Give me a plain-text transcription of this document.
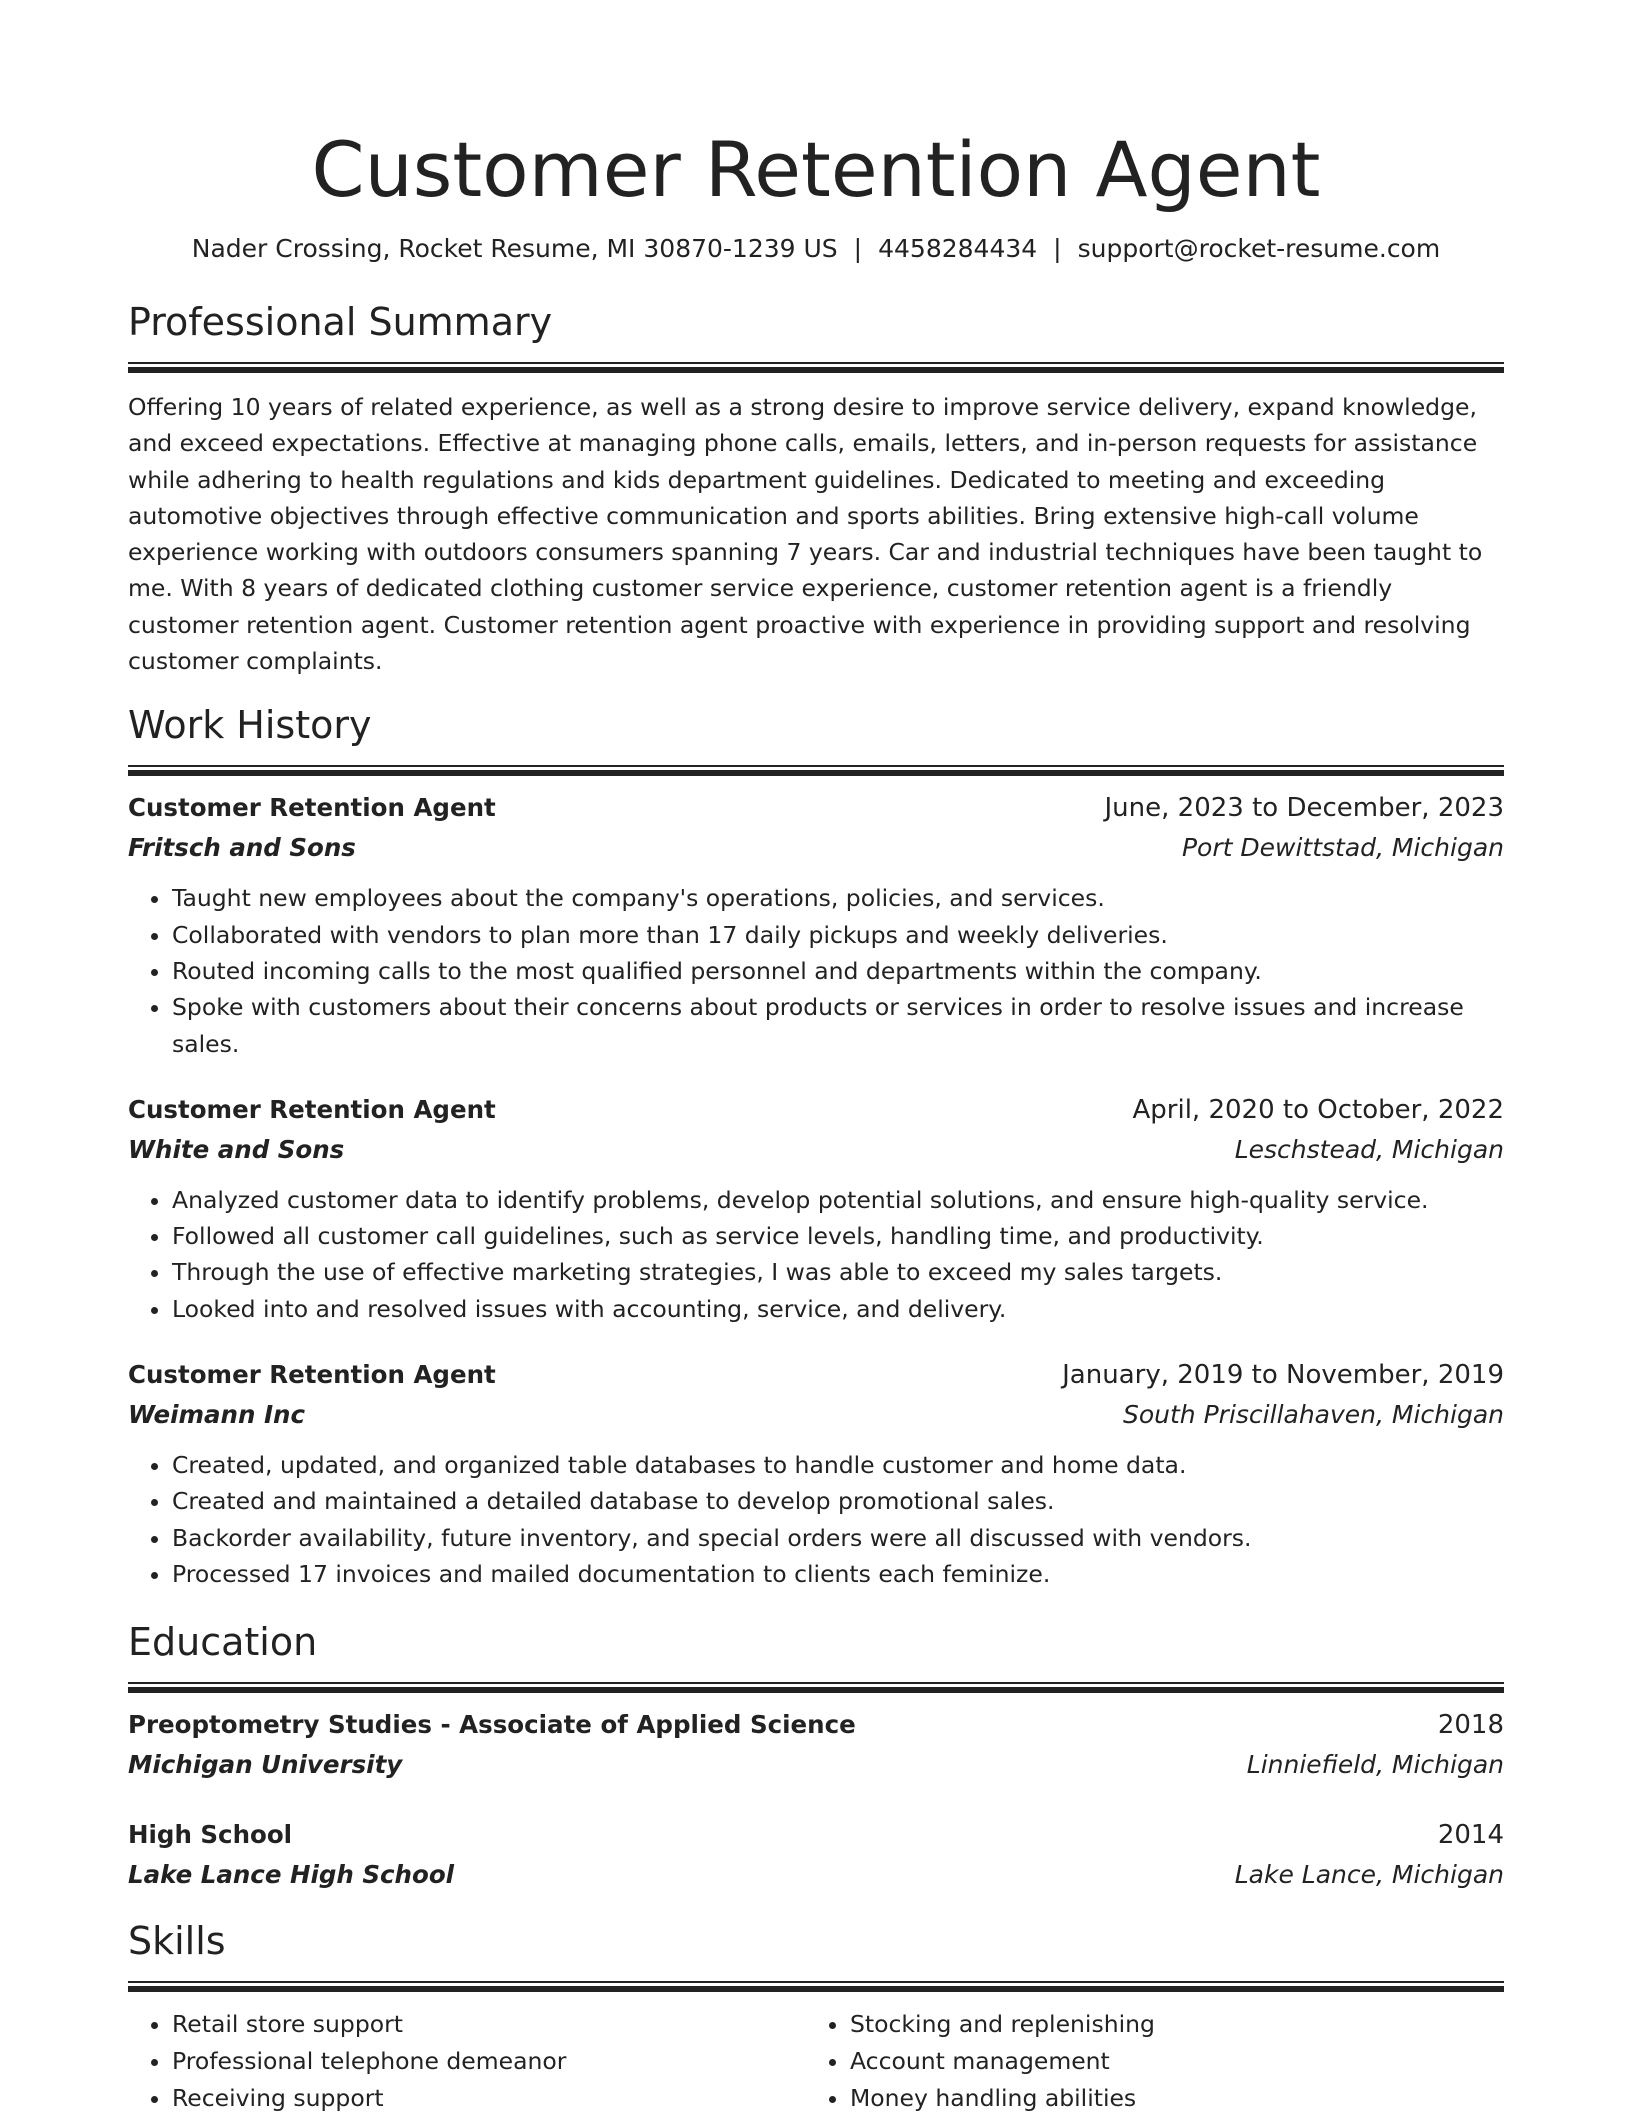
Customer Retention Agent
Nader Crossing, Rocket Resume, MI 30870-1239 US | 4458284434 | support@rocket-resume.com
Professional Summary

Offering 10 years of related experience, as well as a strong desire to improve service delivery, expand knowledge, and exceed expectations. Effective at managing phone calls, emails, letters, and in-person requests for assistance while adhering to health regulations and kids department guidelines. Dedicated to meeting and exceeding automotive objectives through effective communication and sports abilities. Bring extensive high-call volume experience working with outdoors consumers spanning 7 years. Car and industrial techniques have been taught to me. With 8 years of dedicated clothing customer service experience, customer retention agent is a friendly customer retention agent. Customer retention agent proactive with experience in providing support and resolving customer complaints.

Work History
Customer Retention Agent	June, 2023 to December, 2023
Fritsch and Sons	Port Dewittstad, Michigan
• Taught new employees about the company's operations, policies, and services.
• Collaborated with vendors to plan more than 17 daily pickups and weekly deliveries.
• Routed incoming calls to the most qualified personnel and departments within the company.
• Spoke with customers about their concerns about products or services in order to resolve issues and increase sales.
Customer Retention Agent	April, 2020 to October, 2022
White and Sons	Leschstead, Michigan
• Analyzed customer data to identify problems, develop potential solutions, and ensure high-quality service.
• Followed all customer call guidelines, such as service levels, handling time, and productivity.
• Through the use of effective marketing strategies, I was able to exceed my sales targets.
• Looked into and resolved issues with accounting, service, and delivery.
Customer Retention Agent	January, 2019 to November, 2019
Weimann Inc	South Priscillahaven, Michigan
• Created, updated, and organized table databases to handle customer and home data.
• Created and maintained a detailed database to develop promotional sales.
• Backorder availability, future inventory, and special orders were all discussed with vendors.
• Processed 17 invoices and mailed documentation to clients each feminize.
Education
Preoptometry Studies - Associate of Applied Science	2018
Michigan University	Linniefield, Michigan
High School	2014
Lake Lance High School	Lake Lance, Michigan
Skills
• Retail store support
• Professional telephone demeanor
• Receiving support
• Stocking and replenishing
• Account management
• Money handling abilities
